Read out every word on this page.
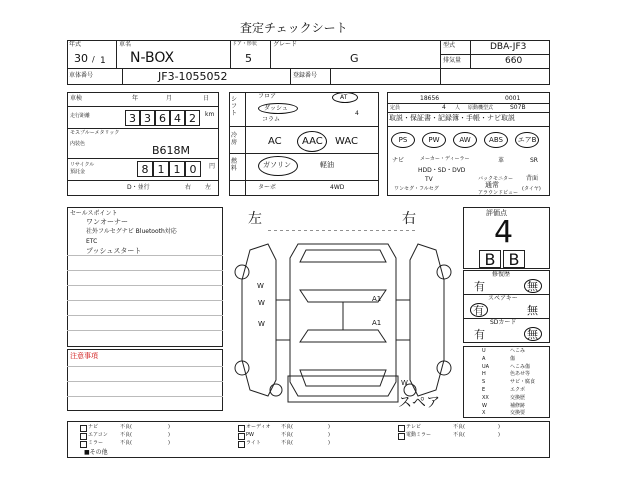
査定チェックシート
年式
30 / 1
車名
N-BOX
ドア・形状
5
グレード
G
型式	DBA-JF3
排気量	660
車体番号	JF3-1055052	登録番号
車検	年	月	日
走行距離	3 3 6 4 2	km
モスブルーメタリック
内装色	B618M
リサイクル
預託金	8 1 1 0	円
D・並行	右 左
シフト
フロア	AT
ダッシュ
コラム
4
冷房	AC AAC WAC
燃料	ガソリン	軽油
ターボ	4WD
18656	0001
定員	4 人 原動機型式	S07B
取説・保証書・記録簿・手帳・ナビ取説
PS	PW	AW	ABS	エアB
ナビ	メーカー・ディーラー	革	SR
HDD・SD・DVD
TV	バックモニター 背面
ワンセグ・フルセグ	通常
アラウンドビュー
(タイヤ)
セールスポイント
ワンオーナー
社外フルセグナビ Bluetooth対応
ETC
プッシュスタート
注意事項
左	右
W
W	A1
W	A1
W
スペア
評価点
4
B B
修復歴
有	無
スペアキー
有	無
SDカード
有	無
U	へこみ
A	傷
UA	へこみ傷
H	色あせ等
S	サビ・腐食
E	エクボ
XX	交換歴
W	補修跡
X	交換要
ナビ	不良(	)	オーディオ 不良(	)	テレビ	不良(	)
エアコン 不良(	)	PW	不良(	)	電動ミラー	不良(	)
ミラー	不良(	)	ライト	不良(	)
■その他
